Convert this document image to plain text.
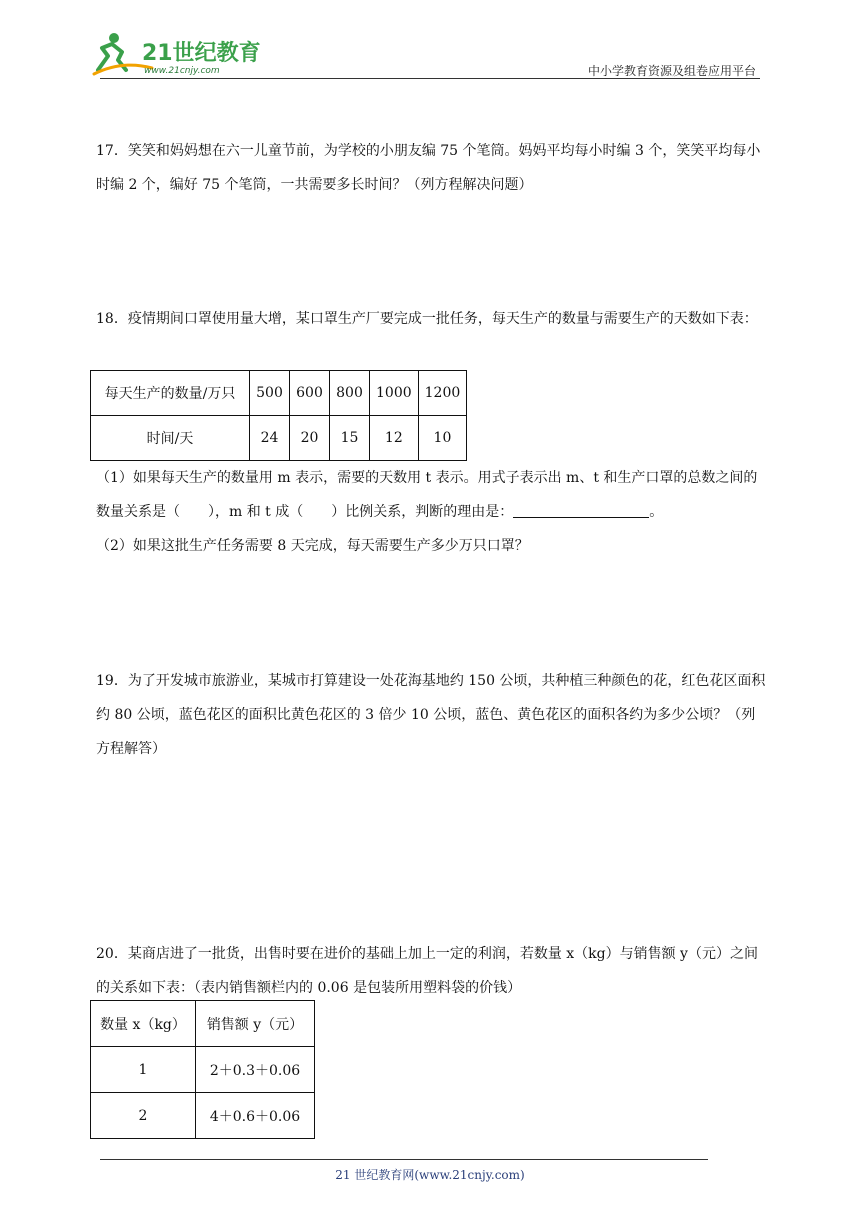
21世纪教育
www.21cnjy.com	中小学教育资源及组卷应用平台

17．笑笑和妈妈想在六一儿童节前，为学校的小朋友编 75 个笔筒。妈妈平均每小时编 3 个，笑笑平均每小时编 2 个，编好 75 个笔筒，一共需要多长时间？（列方程解决问题）

18．疫情期间口罩使用量大增，某口罩生产厂要完成一批任务，每天生产的数量与需要生产的天数如下表：

每天生产的数量/万只	500	600	800	1000	1200
时间/天	24	20	15	12	10

（1）如果每天生产的数量用 m 表示，需要的天数用 t 表示。用式子表示出 m、t 和生产口罩的总数之间的数量关系是（　　），m 和 t 成（　　）比例关系，判断的理由是：	。

（2）如果这批生产任务需要 8 天完成，每天需要生产多少万只口罩？

19．为了开发城市旅游业，某城市打算建设一处花海基地约 150 公顷，共种植三种颜色的花，红色花区面积约 80 公顷，蓝色花区的面积比黄色花区的 3 倍少 10 公顷，蓝色、黄色花区的面积各约为多少公顷？（列方程解答）

20．某商店进了一批货，出售时要在进价的基础上加上一定的利润，若数量 x（kg）与销售额 y（元）之间的关系如下表：（表内销售额栏内的 0.06 是包装所用塑料袋的价钱）

数量 x（kg）	销售额 y（元）
1	2＋0.3＋0.06
2	4＋0.6＋0.06
21 世纪教育网(www.21cnjy.com)
